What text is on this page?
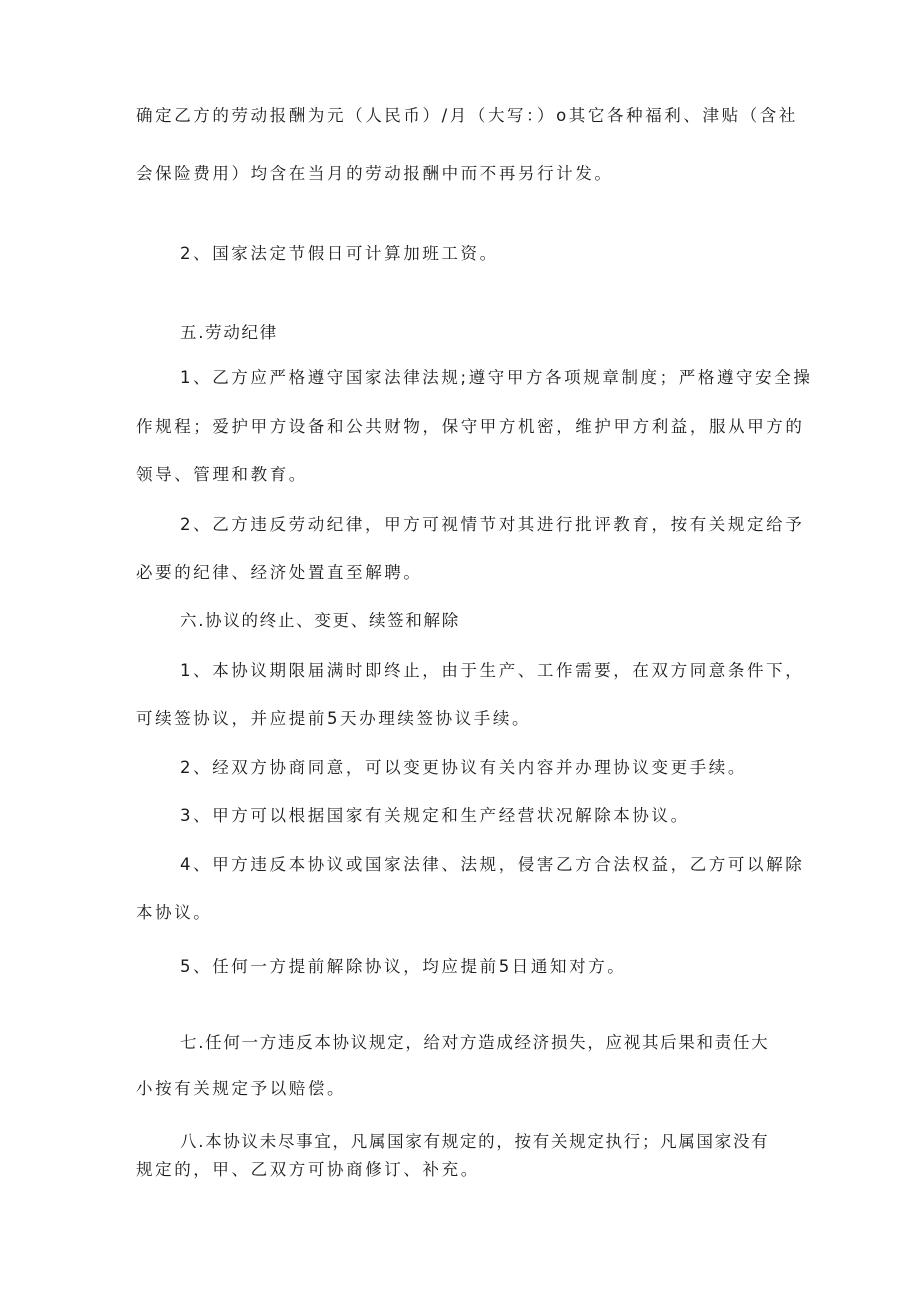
确定乙方的劳动报酬为元（人民币）/月（大写：）o其它各种福利、津贴（含社
会保险费用）均含在当月的劳动报酬中而不再另行计发。
2、国家法定节假日可计算加班工资。
五.劳动纪律
1、乙方应严格遵守国家法律法规;遵守甲方各项规章制度；严格遵守安全操
作规程；爱护甲方设备和公共财物，保守甲方机密，维护甲方利益，服从甲方的
领导、管理和教育。
2、乙方违反劳动纪律，甲方可视情节对其进行批评教育，按有关规定给予
必要的纪律、经济处置直至解聘。
六.协议的终止、变更、续签和解除
1、本协议期限届满时即终止，由于生产、工作需要，在双方同意条件下，
可续签协议，并应提前5天办理续签协议手续。
2、经双方协商同意，可以变更协议有关内容并办理协议变更手续。
3、甲方可以根据国家有关规定和生产经营状况解除本协议。
4、甲方违反本协议或国家法律、法规，侵害乙方合法权益，乙方可以解除
本协议。
5、任何一方提前解除协议，均应提前5日通知对方。
七.任何一方违反本协议规定，给对方造成经济损失，应视其后果和责任大
小按有关规定予以赔偿。
八.本协议未尽事宜，凡属国家有规定的，按有关规定执行；凡属国家没有
规定的，甲、乙双方可协商修订、补充。
